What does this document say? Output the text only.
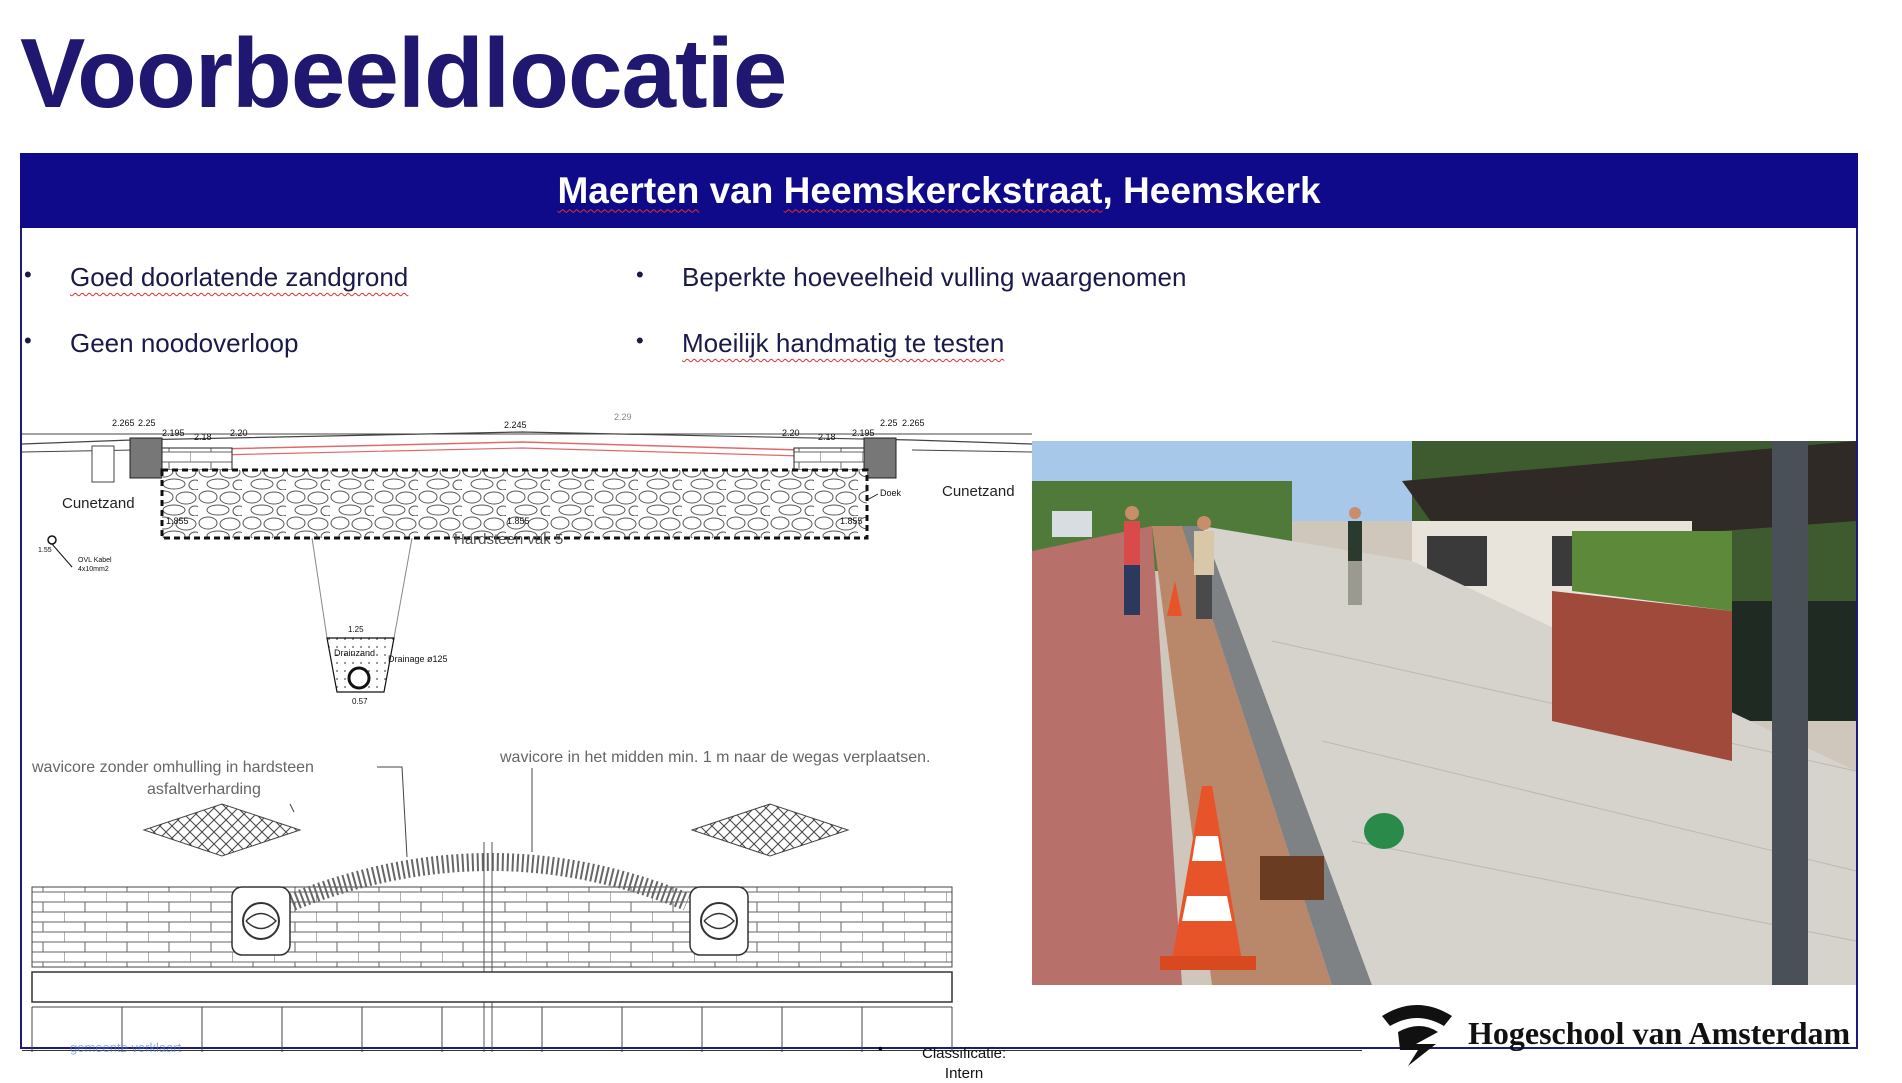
Voorbeeldlocatie
Maerten van Heemskerckstraat, Heemskerk
• Goed doorlatende zandgrond
• Geen noodoverloop
• Beperkte hoeveelheid vulling waargenomen
• Moeilijk handmatig te testen
2.265 2.25
2.195 2.18 2.20
2.245
2.29
2.20 2.18 2.195
2.25 2.265
1.855	1.855	1.855
Cunetzand
Cunetzand
Hardsteen vak 5
Doek
1.55
OVL Kabel
4x10mm2
1.25
Drainzand
Drainage ø125
0.57
wavicore zonder omhulling in hardsteen
asfaltverharding
wavicore in het midden min. 1 m naar de wegas verplaatsen.
gemeente verklaart	•	Classificatie:
Intern
Hogeschool van Amsterdam
